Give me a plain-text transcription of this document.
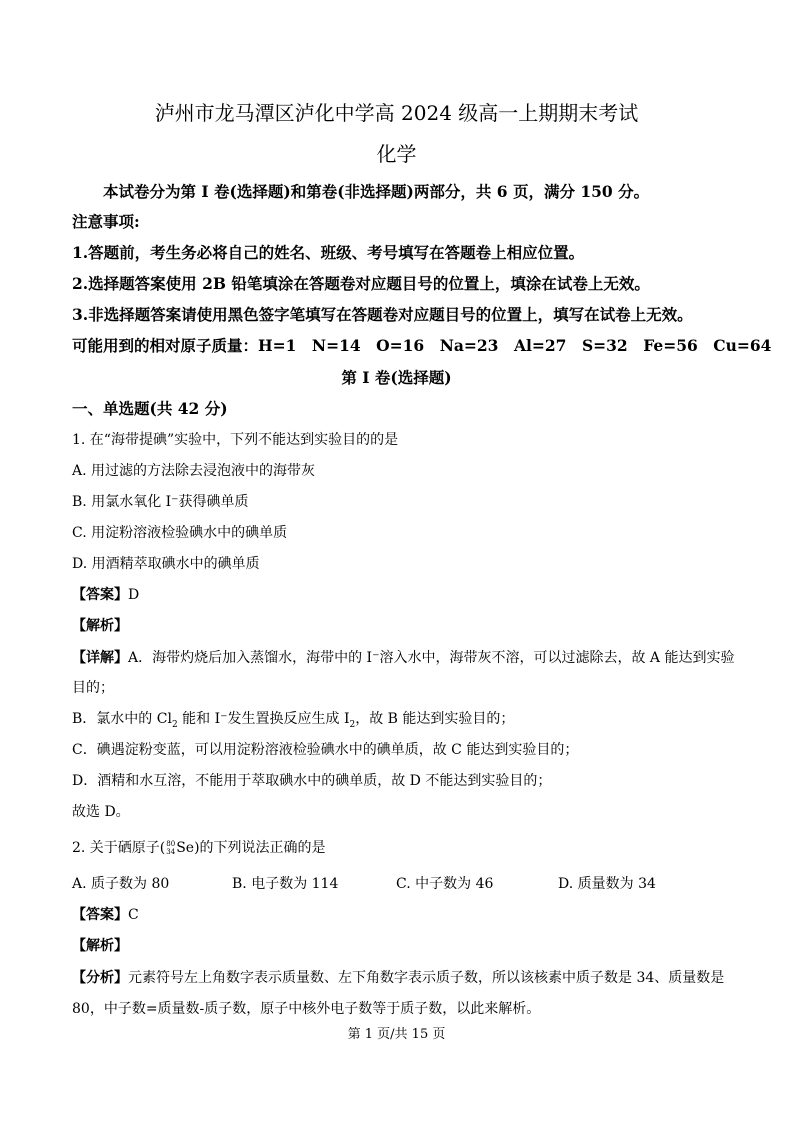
泸州市龙马潭区泸化中学高 2024 级高一上期期末考试
化学
本试卷分为第 I 卷(选择题)和第卷(非选择题)两部分，共 6 页，满分 150 分。
注意事项:
1.答题前，考生务必将自己的姓名、班级、考号填写在答题卷上相应位置。
2.选择题答案使用 2B 铅笔填涂在答题卷对应题目号的位置上，填涂在试卷上无效。
3.非选择题答案请使用黑色签字笔填写在答题卷对应题目号的位置上，填写在试卷上无效。
可能用到的相对原子质量：H=1　N=14　O=16　Na=23　Al=27　S=32　Fe=56　Cu=64
第 I 卷(选择题)
一、单选题(共 42 分)
1. 在“海带提碘”实验中，下列不能达到实验目的的是
A. 用过滤的方法除去浸泡液中的海带灰
B. 用氯水氧化 I⁻获得碘单质
C. 用淀粉溶液检验碘水中的碘单质
D. 用酒精萃取碘水中的碘单质
【答案】D
【解析】
【详解】A．海带灼烧后加入蒸馏水，海带中的 I⁻溶入水中，海带灰不溶，可以过滤除去，故 A 能达到实验
目的；
B．氯水中的 $Cl_2$ 能和 I⁻发生置换反应生成 $I_2$，故 B 能达到实验目的；
C．碘遇淀粉变蓝，可以用淀粉溶液检验碘水中的碘单质，故 C 能达到实验目的；
D．酒精和水互溶，不能用于萃取碘水中的碘单质，故 D 不能达到实验目的；
故选 D。
2. 关于硒原子(80
34Se)的下列说法正确的是
A. 质子数为 80	B. 电子数为 114	C. 中子数为 46	D. 质量数为 34
【答案】C
【解析】
【分析】元素符号左上角数字表示质量数、左下角数字表示质子数，所以该核素中质子数是 34、质量数是
80，中子数=质量数-质子数，原子中核外电子数等于质子数，以此来解析。
第 1 页/共 15 页
